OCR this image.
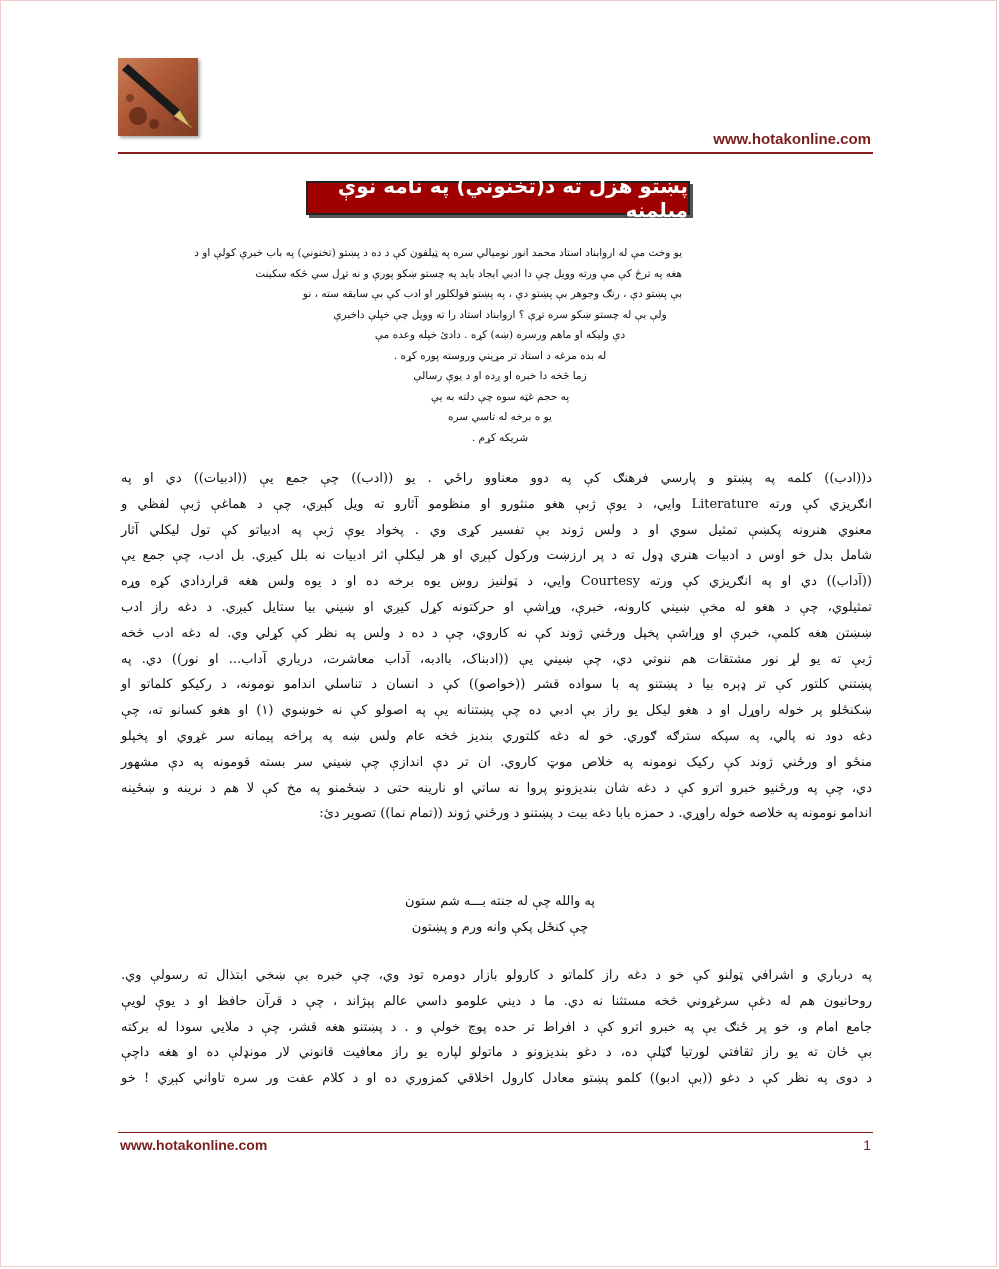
www.hotakonline.com
پښتو هزل ته د(تخنوني) په نامه نوې مېلمنه
یو وخت مې له اروابناد استاد محمد انور نوميالي سره په ټيلفون کې د ده د پښتو (تخنوني) په باب خبرې کولې او د
هغه په ترڅ کې مې ورته وويل چې دا ادبي ايجاد بايد په چستو ښکو پورې و نه تړل سي څکه سکينت
بې پښتو دې ، رنګ وجوهر بې پښتو دې ، په پښتو فولکلور او ادب کې بې سابقه سته ، نو
ولې بې له چستو ښکو سره تړې ؟ اروابناد استاد را ته وويل چې خپلې داخبرې
دې وليکه او ماهم ورسره (ښه) کړه . دادئ خپله وعده مې
له بده مرغه د استاد تر مړيني وروسته پوره کړه .
زما څخه دا خبره او ږده او د يوې رسالې
په حجم غټه سوه چې دلته به يې
يو ه برخه له تاسي سره
شريکه کړم .
د((ادب)) کلمه په پښتو و پارسي فرهنګ کې په دوو معناوو راځي . يو ((ادب)) چې جمع يې ((ادبيات)) دي او په
انګريزي کې ورته Literature وايي، د يوې ژبې هغو منثورو او منظومو آثارو ته ويل کېږي، چې د هماغې ژبې لفظي و
معنوي هنرونه پکښې تمثيل سوي او د ولس ژوند بې تفسير کړی وي . پخواد يوې ژبې په ادبياتو کې تول ليکلي آثار
شامل بدل خو اوس د ادبيات هنري ډول ته د پر ارزښت ورکول کېږي او هر ليکلې اثر ادبيات نه بلل کيږي. بل ادب، چې جمع يې
((آداب)) دي او په انګريزي کې ورته Courtesy وايي، د ټولنيز روښ يوه برخه ده او د يوه ولس هغه قراردادي کړه وړه
تمثيلوي، چې د هغو له مخې ښيني کارونه، خبرې، وړاشې او حرکتونه کړل کيږي او ښيني بيا ستايل کيږي. د دغه راز ادب
ښښتن هغه کلمې، خبرې او وړاشې پخپل ورځني ژوند کې نه کاروي، چې د ده د ولس په نظر کې کړلي وي. له دغه ادب څخه
ژبې ته يو لړ نور مشتقات هم ننوتي دي، چې ښيني يې ((ادبناک، باادبه، آداب معاشرت، درباري آداب... او نور)) دي. په
پښتني کلتور کې تر ډېره بيا د پښتنو په با سواده قشر ((خواصو)) کې د انسان د تناسلي اندامو نومونه، د رکيکو کلماتو او
ښکنځلو پر خوله راوړل او د هغو ليکل يو راز بې ادبي ده چې پښتنانه يې په اصولو کې نه خوښوي (۱) او هغو کسانو ته، چې
دغه دود نه پالي، په سپکه سترګه ګوري. خو له دغه کلتوري بنديز څخه عام ولس ښه په پراخه پيمانه سر غړوي او پخپلو
منځو او ورځني ژوند کې رکيک نومونه په خلاص موټ کاروي. ان تر دې اندازې چې ښيني سر بسته قومونه په دې مشهور
دي، چې په ورځنيو خبرو اترو کې د دغه شان بنديزونو پروا نه ساتي او نارينه حتی د ښځمنو په مخ کې لا هم د نرينه و ښځينه
اندامو نومونه په خلاصه خوله راوړي. د حمزه بابا دغه بيت د پښتنو د ورځني ژوند ((تمام نما)) تصوير دئ:
په والله چې له جنته بـــه شم ستون
چې کنځل پکې وانه ورم و پښتون
په درباري و اشرافي ټولنو کې خو د دغه راز کلماتو د کارولو بازار دومره تود وي، چې خبره بې ښخي ابتذال ته رسولې وي.
روحانيون هم له دغې سرغړوني څخه مستثنا نه دي. ما د ديني علومو داسي عالم پېژاند ، چې د قرآن حافظ او د يوې لويې
جامع امام و، خو پر ځنګ بې په خبرو اترو کې د افراط تر حده پوچ خولې و . د پښتنو هغه قشر، چې د ملايي سودا له برکته
بې ځان ته يو راز ثقافتي لورتيا ګټلې ده، د دغو بنديزونو د ماتولو لپاره يو راز معافيت قانوني لار مونډلې ده او هغه داچې
د دوی په نظر کې د دغو ((بې ادبو)) کلمو پښتو معادل کارول اخلاقي کمزوري ده او د کلام عفت ور سره تاواني کېږي ! خو
www.hotakonline.com	1
